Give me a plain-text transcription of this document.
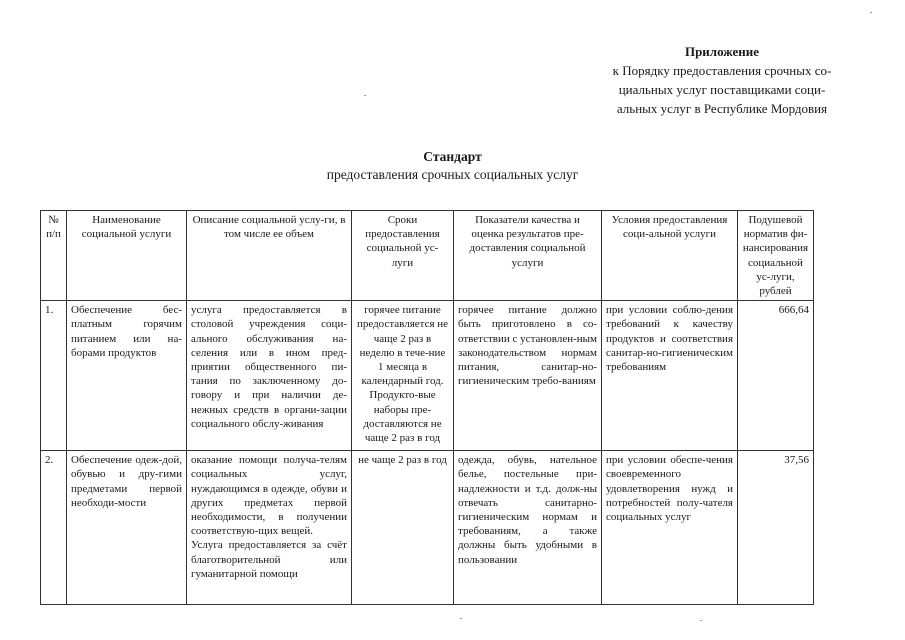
Приложение
к Порядку предоставления срочных со-
циальных услуг поставщиками соци-
альных услуг в Республике Мордовия
Стандарт
предоставления срочных социальных услуг
№ п/п	Наименование социальной услуги	Описание социальной услу-ги, в том числе ее объем	Сроки предоставления социальной ус-луги	Показатели качества и оценка результатов пре-доставления социальной услуги	Условия предоставления соци-альной услуги	Подушевой норматив фи-нансирования социальной ус-луги, рублей
1.	Обеспечение бес-платным горячим питанием или на-борами продуктов	услуга предоставляется в столовой учреждения соци-ального обслуживания на-селения или в ином пред-приятии общественного пи-тания по заключенному до-говору и при наличии де-нежных средств в органи-зации социального обслу-живания	горячее питание предоставляется не чаще 2 раз в неделю в тече-ние 1 месяца в календарный год. Продукто-вые наборы пре-доставляются не чаще 2 раз в год	горячее питание должно быть приготовлено в со-ответствии с установлен-ным законодательством нормам питания, санитар-но-гигиеническим требо-ваниям	при условии соблю-дения требований к качеству продуктов и соответствия санитар-но-гигиеническим требованиям	666,64
2.	Обеспечение одеж-дой, обувью и дру-гими предметами первой необходи-мости	оказание помощи получа-телям социальных услуг, нуждающимся в одежде, обуви и других предметах первой необходимости, в получении соответствую-щих вещей.
Услуга предоставляется за счёт благотворительной или гуманитарной помощи	не чаще 2 раз в год	одежда, обувь, нательное белье, постельные при-надлежности и т.д. долж-ны отвечать санитарно-гигиеническим нормам и требованиям, а также должны быть удобными в пользовании	при условии обеспе-чения своевременного удовлетворения нужд и потребностей полу-чателя социальных услуг	37,56
